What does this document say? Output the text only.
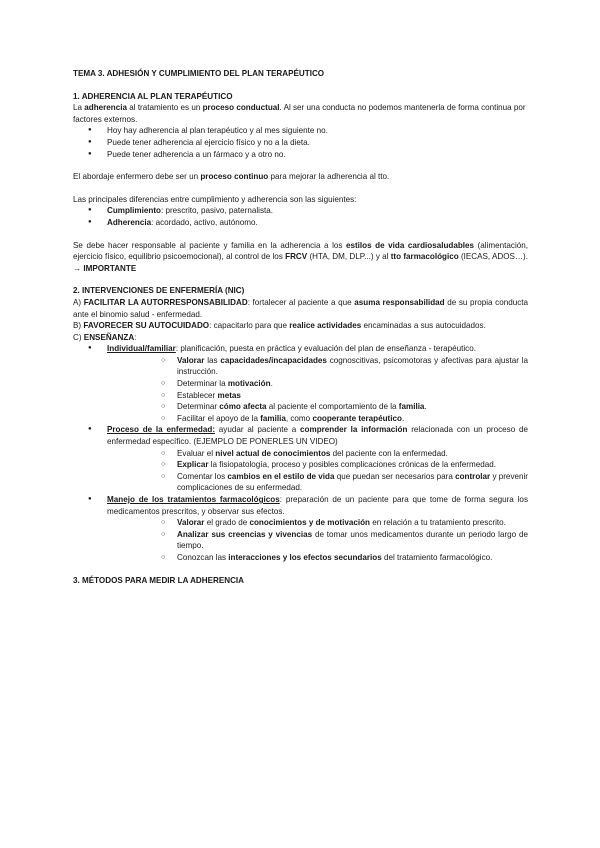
TEMA 3. ADHESIÓN Y CUMPLIMIENTO DEL PLAN TERAPÉUTICO

1. ADHERENCIA AL PLAN TERAPÉUTICO

La adherencia al tratamiento es un proceso conductual. Al ser una conducta no podemos mantenerla de forma continua por factores externos.

● Hoy hay adherencia al plan terapéutico y al mes siguiente no.
● Puede tener adherencia al ejercicio físico y no a la dieta.
● Puede tener adherencia a un fármaco y a otro no.

El abordaje enfermero debe ser un proceso continuo para mejorar la adherencia al tto.

Las principales diferencias entre cumplimiento y adherencia son las siguientes:

● Cumplimiento: prescrito, pasivo, paternalista.
● Adherencia: acordado, activo, autónomo.

Se debe hacer responsable al paciente y familia en la adherencia a los estilos de vida cardiosaludables (alimentación, ejercicio físico, equilibrio psicoemocional), al control de los FRCV (HTA, DM, DLP...) y al tto farmacológico (IECAS, ADOS…). → IMPORTANTE

2. INTERVENCIONES DE ENFERMERÍA (NIC)

A) FACILITAR LA AUTORRESPONSABILIDAD: fortalecer al paciente a que asuma responsabilidad de su propia conducta ante el binomio salud - enfermedad.

B) FAVORECER SU AUTOCUIDADO: capacitarlo para que realice actividades encaminadas a sus autocuidados.

C) ENSEÑANZA:

● Individual/familiar: planificación, puesta en práctica y evaluación del plan de enseñanza - terapéutico.
○ Valorar las capacidades/incapacidades cognoscitivas, psicomotoras y afectivas para ajustar la instrucción.
○ Determinar la motivación.
○ Establecer metas
○ Determinar cómo afecta al paciente el comportamiento de la familia.
○ Facilitar el apoyo de la familia, como cooperante terapéutico.
● Proceso de la enfermedad: ayudar al paciente a comprender la información relacionada con un proceso de enfermedad específico. (EJEMPLO DE PONERLES UN VIDEO)
○ Evaluar el nivel actual de conocimientos del paciente con la enfermedad.
○ Explicar la fisiopatología, proceso y posibles complicaciones crónicas de la enfermedad.
○ Comentar los cambios en el estilo de vida que puedan ser necesarios para controlar y prevenir complicaciones de su enfermedad.
● Manejo de los tratamientos farmacológicos: preparación de un paciente para que tome de forma segura los medicamentos prescritos, y observar sus efectos.
○ Valorar el grado de conocimientos y de motivación en relación a tu tratamiento prescrito.
○ Analizar sus creencias y vivencias de tomar unos medicamentos durante un periodo largo de tiempo.
○ Conozcan las interacciones y los efectos secundarios del tratamiento farmacológico.

3. MÉTODOS PARA MEDIR LA ADHERENCIA
